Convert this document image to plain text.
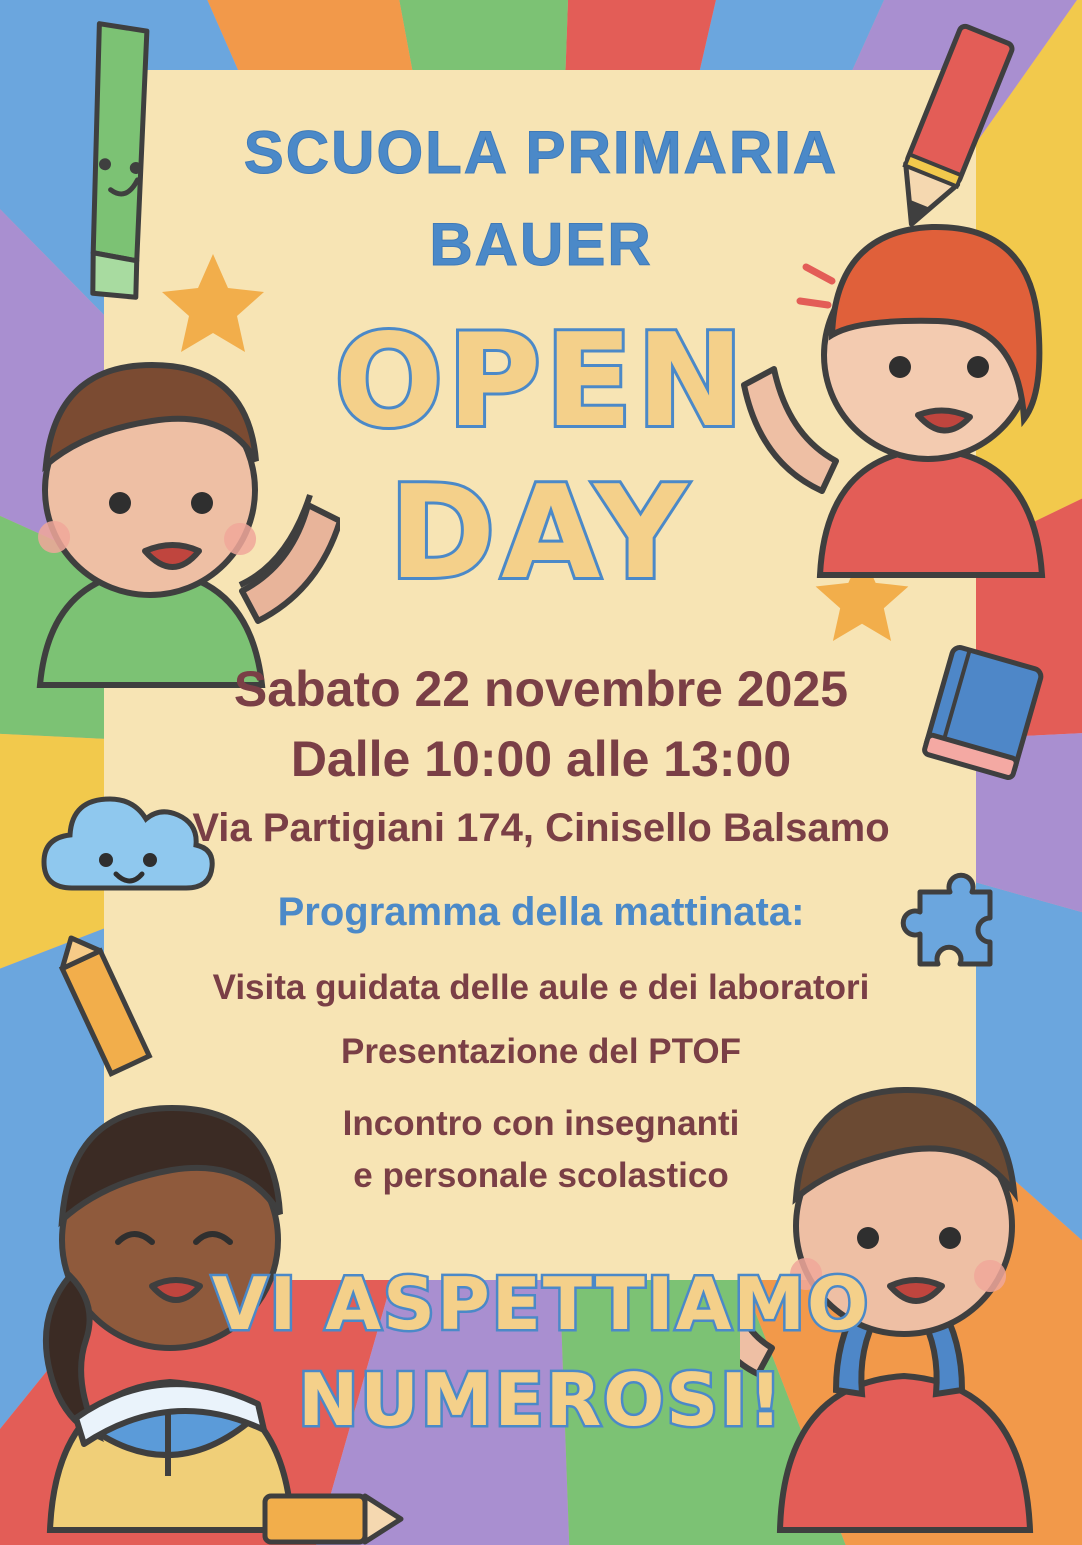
SCUOLA PRIMARIA
BAUER
OPEN
DAY
Sabato 22 novembre 2025
Dalle 10:00 alle 13:00
Via Partigiani 174, Cinisello Balsamo
Programma della mattinata:
Visita guidata delle aule e dei laboratori
Presentazione del PTOF
Incontro con insegnanti
e personale scolastico
VI ASPETTIAMO
NUMEROSI!
